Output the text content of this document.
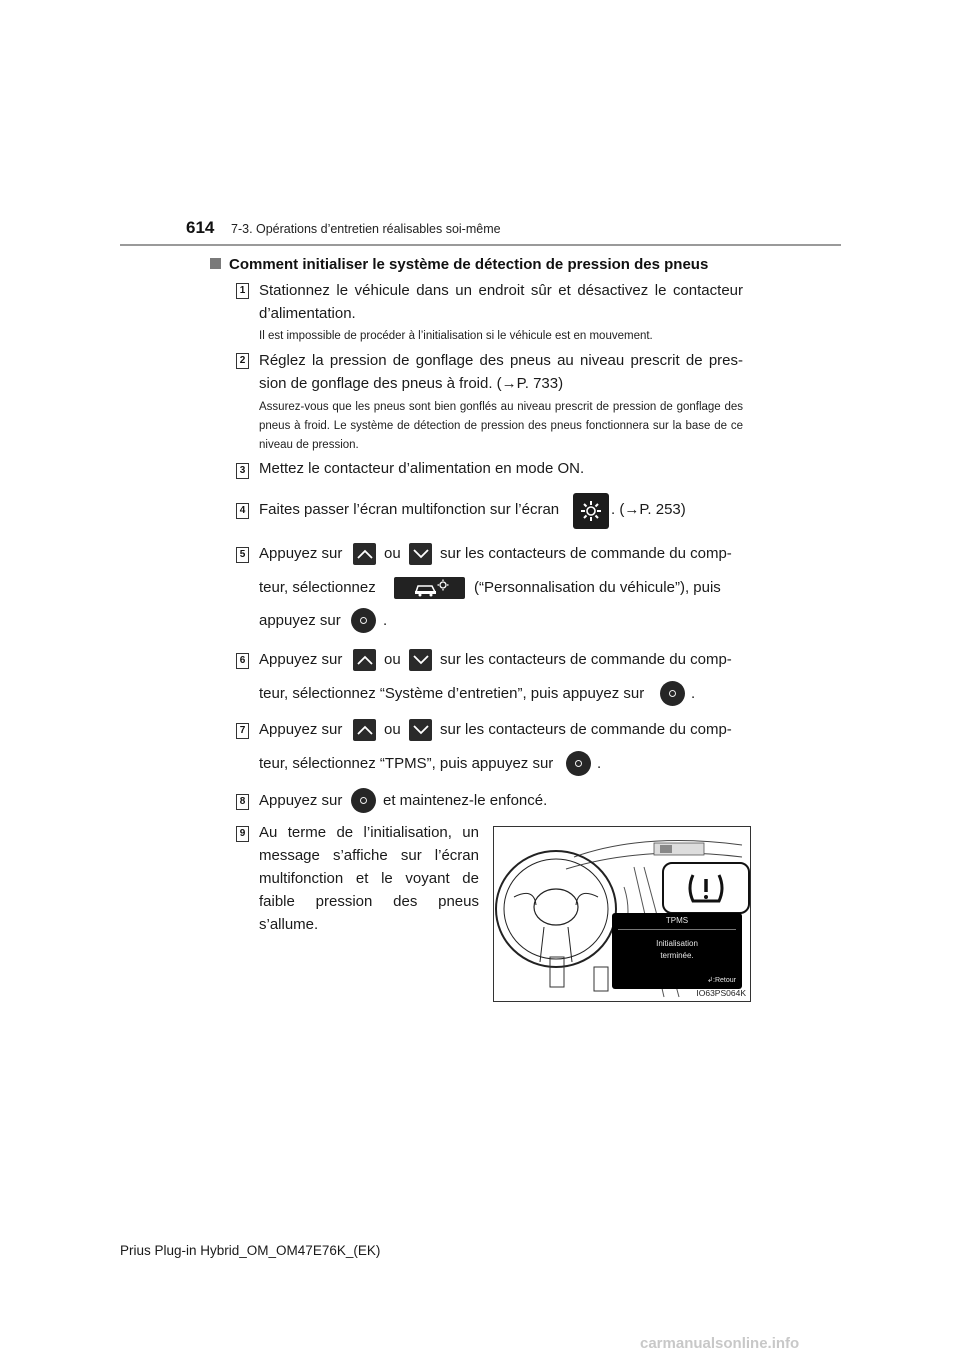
614 7-3. Opérations d’entretien réalisables soi-même
Comment initialiser le système de détection de pression des pneus
1 Stationnez le véhicule dans un endroit sûr et désactivez le contacteur d’alimentation.
Il est impossible de procéder à l’initialisation si le véhicule est en mouvement.
2 Réglez la pression de gonflage des pneus au niveau prescrit de pres-sion de gonflage des pneus à froid. (→P. 733)
Assurez-vous que les pneus sont bien gonflés au niveau prescrit de pression de gonflage des pneus à froid. Le système de détection de pression des pneus fonctionnera sur la base de ce niveau de pression.
3 Mettez le contacteur d’alimentation en mode ON.
4 Faites passer l’écran multifonction sur l’écran	. (→P. 253)
5 Appuyez sur	ou	sur les contacteurs de commande du comp-
teur, sélectionnez	(“Personnalisation du véhicule”), puis
appuyez sur	.
6 Appuyez sur	ou	sur les contacteurs de commande du comp-
teur, sélectionnez “Système d’entretien”, puis appuyez sur	.
7 Appuyez sur	ou	sur les contacteurs de commande du comp-
teur, sélectionnez “TPMS”, puis appuyez sur	.
8 Appuyez sur	et maintenez-le enfoncé.
9 Au terme de l’initialisation, un message s’affiche sur l’écran multifonction et le voyant de faible pression des pneus s’allume.	TPMS
Initialisation
terminée.
↲:Retour
IO63PS064K
Prius Plug-in Hybrid_OM_OM47E76K_(EK)
carmanualsonline.info
